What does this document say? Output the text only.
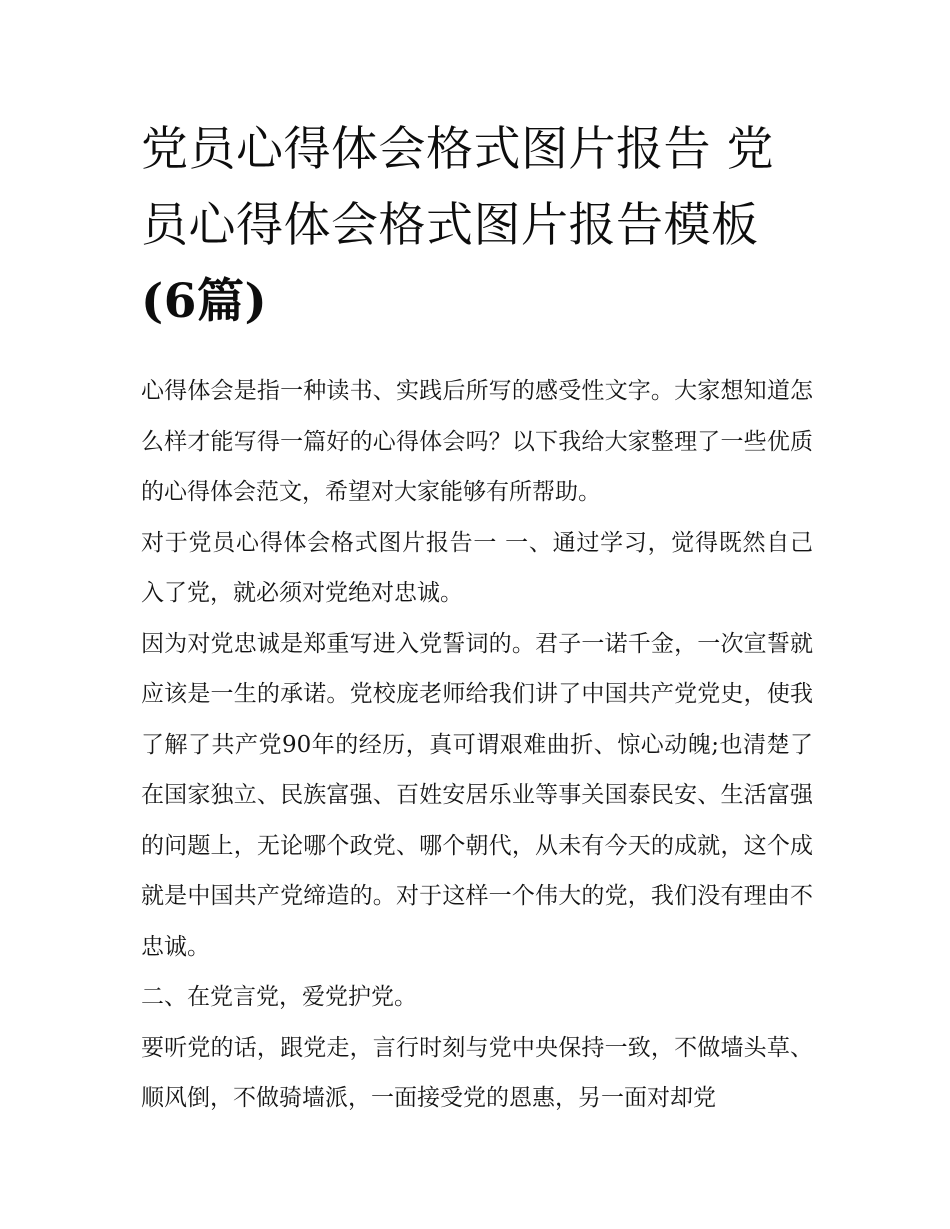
党员心得体会格式图片报告 党员心得体会格式图片报告模板
(6篇)

心得体会是指一种读书、实践后所写的感受性文字。大家想知道怎么样才能写得一篇好的心得体会吗？以下我给大家整理了一些优质的心得体会范文，希望对大家能够有所帮助。

对于党员心得体会格式图片报告一 一、通过学习，觉得既然自己入了党，就必须对党绝对忠诚。

因为对党忠诚是郑重写进入党誓词的。君子一诺千金，一次宣誓就应该是一生的承诺。党校庞老师给我们讲了中国共产党党史，使我了解了共产党90年的经历，真可谓艰难曲折、惊心动魄;也清楚了在国家独立、民族富强、百姓安居乐业等事关国泰民安、生活富强的问题上，无论哪个政党、哪个朝代，从未有今天的成就，这个成就是中国共产党缔造的。对于这样一个伟大的党，我们没有理由不忠诚。

二、在党言党，爱党护党。

要听党的话，跟党走，言行时刻与党中央保持一致，不做墙头草、顺风倒，不做骑墙派，一面接受党的恩惠，另一面对却党
